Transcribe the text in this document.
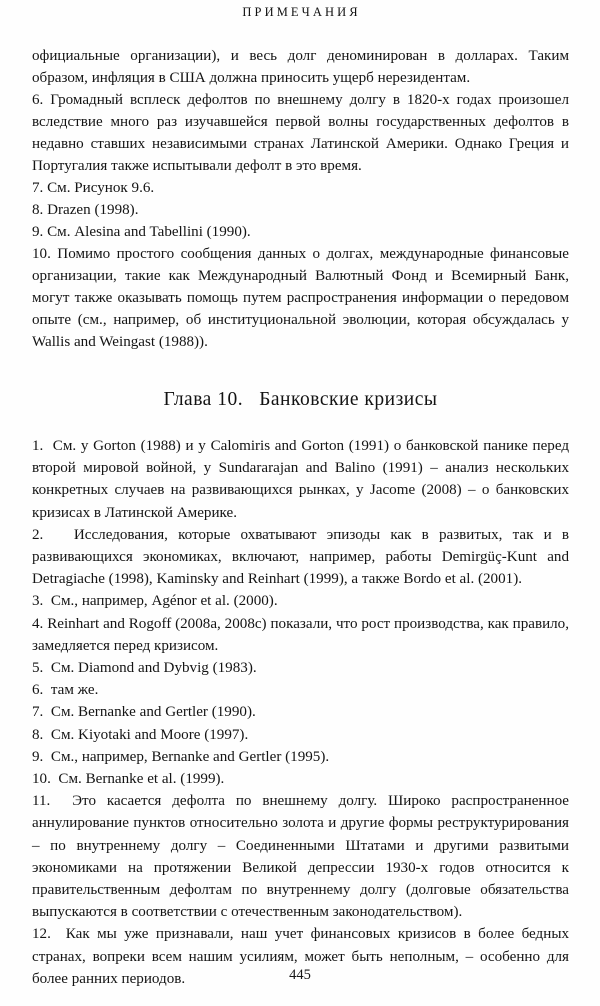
ПРИМЕЧАНИЯ

официальные организации), и весь долг деноминирован в долларах. Таким образом, инфляция в США должна приносить ущерб нерезидентам.

6. Громадный всплеск дефолтов по внешнему долгу в 1820-х годах произошел вследствие много раз изучавшейся первой волны государственных дефолтов в недавно ставших независимыми странах Латинской Америки. Однако Греция и Португалия также испытывали дефолт в это время.

7. См. Рисунок 9.6.

8. Drazen (1998).

9. См. Alesina and Tabellini (1990).

10. Помимо простого сообщения данных о долгах, международные финансовые организации, такие как Международный Валютный Фонд и Всемирный Банк, могут также оказывать помощь путем распространения информации о передовом опыте (см., например, об институциональной эволюции, которая обсуждалась у Wallis and Weingast (1988)).

Глава 10. Банковские кризисы

1. См. у Gorton (1988) и у Calomiris and Gorton (1991) о банковской панике перед второй мировой войной, у Sundararajan and Balino (1991) – анализ нескольких конкретных случаев на развивающихся рынках, у Jacome (2008) – о банковских кризисах в Латинской Америке.

2. Исследования, которые охватывают эпизоды как в развитых, так и в развивающихся экономиках, включают, например, работы Demirgüç-Kunt and Detragiache (1998), Kaminsky and Reinhart (1999), а также Bordo et al. (2001).

3. См., например, Agénor et al. (2000).

4. Reinhart and Rogoff (2008a, 2008c) показали, что рост производства, как правило, замедляется перед кризисом.

5. См. Diamond and Dybvig (1983).

6. там же.

7. См. Bernanke and Gertler (1990).

8. См. Kiyotaki and Moore (1997).

9. См., например, Bernanke and Gertler (1995).

10. См. Bernanke et al. (1999).

11. Это касается дефолта по внешнему долгу. Широко распространенное аннулирование пунктов относительно золота и другие формы реструктурирования – по внутреннему долгу – Соединенными Штатами и другими развитыми экономиками на протяжении Великой депрессии 1930-х годов относится к правительственным дефолтам по внутреннему долгу (долговые обязательства выпускаются в соответствии с отечественным законодательством).

12. Как мы уже признавали, наш учет финансовых кризисов в более бедных странах, вопреки всем нашим усилиям, может быть неполным, – особенно для более ранних периодов.	445
